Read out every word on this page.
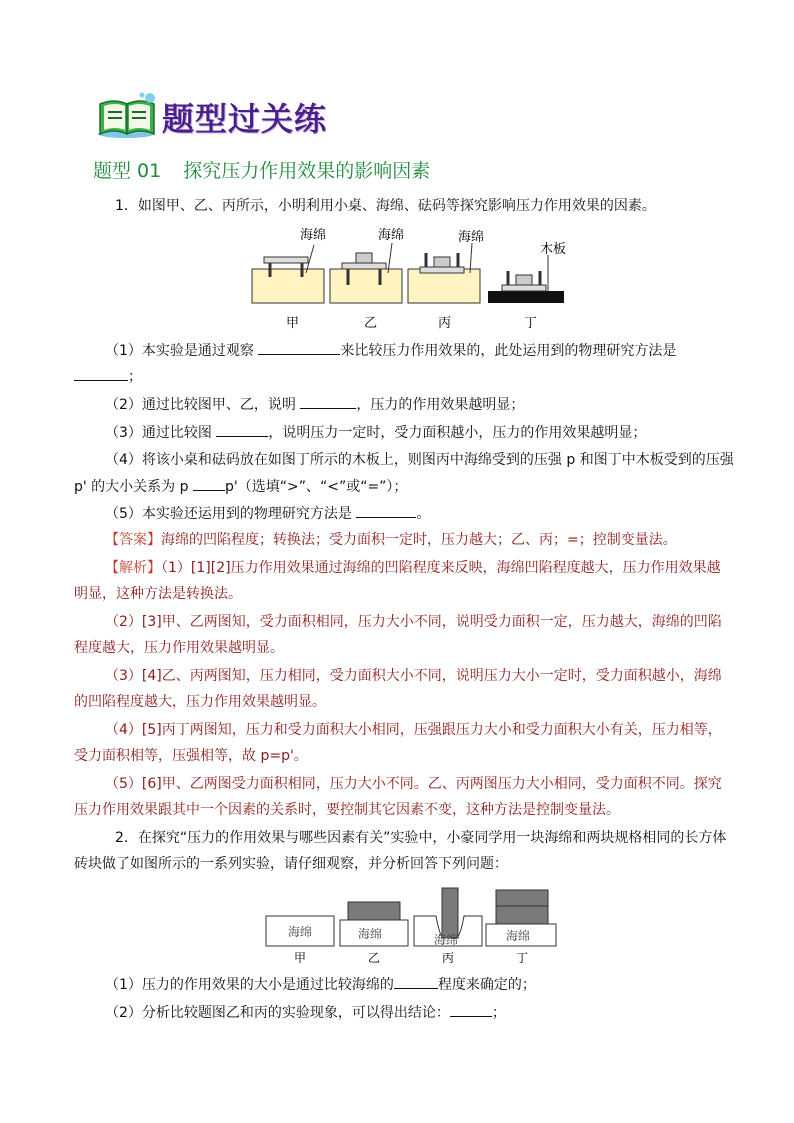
题型过关练
题型 01 探究压力作用效果的影响因素
1．如图甲、乙、丙所示，小明利用小桌、海绵、砝码等探究影响压力作用效果的因素。
海绵	海绵	海绵
木板
甲	乙	丙	丁
（1）本实验是通过观察	来比较压力作用效果的，此处运用到的物理研究方法是
；
（2）通过比较图甲、乙，说明	，压力的作用效果越明显；
（3）通过比较图	，说明压力一定时，受力面积越小，压力的作用效果越明显；
（4）将该小桌和砝码放在如图丁所示的木板上，则图丙中海绵受到的压强 p 和图丁中木板受到的压强
p' 的大小关系为 p	p'（选填“>”、“<”或“=”）；
（5）本实验还运用到的物理研究方法是	。
【答案】海绵的凹陷程度；转换法；受力面积一定时，压力越大；乙、丙；=；控制变量法。
【解析】（1）[1][2]压力作用效果通过海绵的凹陷程度来反映，海绵凹陷程度越大，压力作用效果越
明显，这种方法是转换法。
（2）[3]甲、乙两图知，受力面积相同，压力大小不同，说明受力面积一定，压力越大，海绵的凹陷
程度越大，压力作用效果越明显。
（3）[4]乙、丙两图知，压力相同，受力面积大小不同，说明压力大小一定时，受力面积越小，海绵
的凹陷程度越大，压力作用效果越明显。
（4）[5]丙丁两图知，压力和受力面积大小相同，压强跟压力大小和受力面积大小有关，压力相等，
受力面积相等，压强相等，故 p=p'。
（5）[6]甲、乙两图受力面积相同，压力大小不同。乙、丙两图压力大小相同，受力面积不同。探究
压力作用效果跟其中一个因素的关系时，要控制其它因素不变，这种方法是控制变量法。
2．在探究“压力的作用效果与哪些因素有关”实验中，小豪同学用一块海绵和两块规格相同的长方体
砖块做了如图所示的一系列实验，请仔细观察，并分析回答下列问题：
海绵	海绵	海绵	海绵
甲	乙	丙	丁
（1）压力的作用效果的大小是通过比较海绵的	程度来确定的；
（2）分析比较题图乙和丙的实验现象，可以得出结论：	；
